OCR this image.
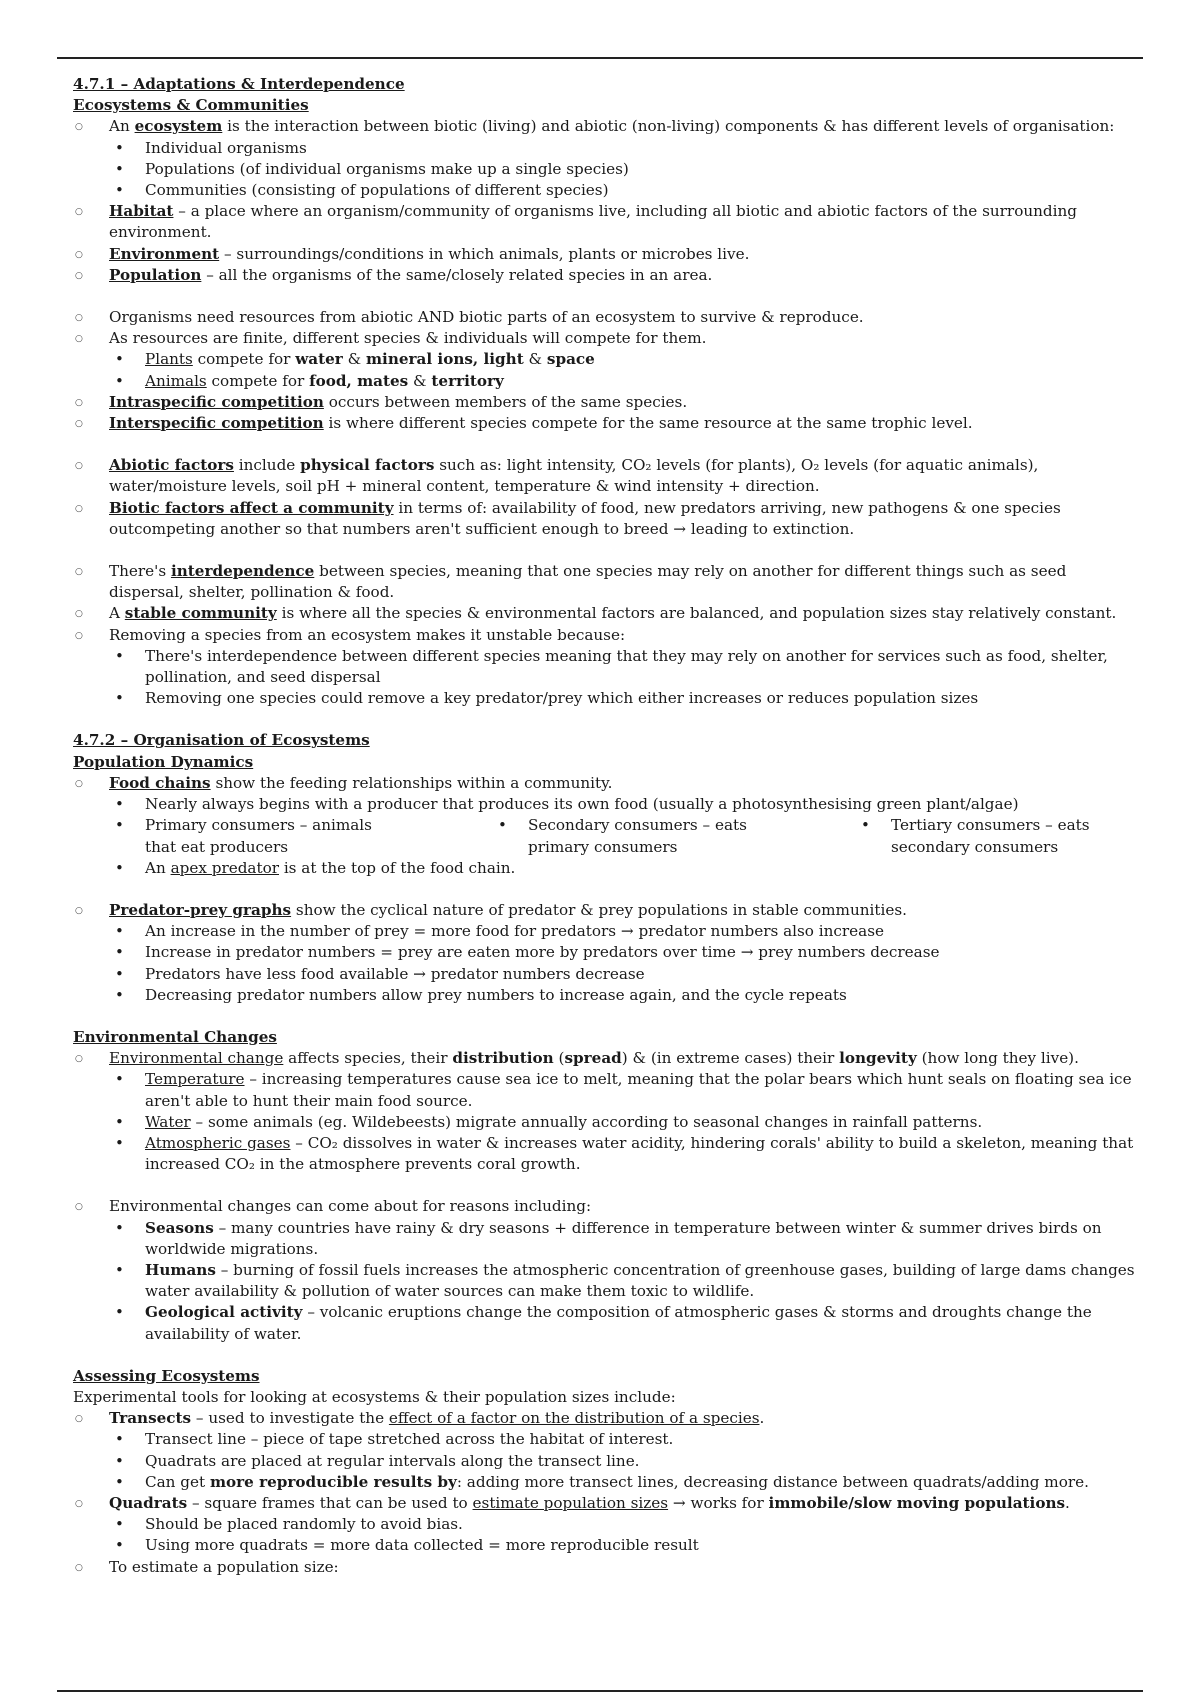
4.7.1 – Adaptations & Interdependence
Ecosystems & Communities
○ An ecosystem is the interaction between biotic (living) and abiotic (non-living) components & has different levels of organisation:
• Individual organisms
• Populations (of individual organisms make up a single species)
• Communities (consisting of populations of different species)
○ Habitat – a place where an organism/community of organisms live, including all biotic and abiotic factors of the surrounding environment.
○ Environment – surroundings/conditions in which animals, plants or microbes live.
○ Population – all the organisms of the same/closely related species in an area.
○ Organisms need resources from abiotic AND biotic parts of an ecosystem to survive & reproduce.
○ As resources are finite, different species & individuals will compete for them.
• Plants compete for water & mineral ions, light & space
• Animals compete for food, mates & territory
○ Intraspecific competition occurs between members of the same species.
○ Interspecific competition is where different species compete for the same resource at the same trophic level.
○ Abiotic factors include physical factors such as: light intensity, CO₂ levels (for plants), O₂ levels (for aquatic animals), water/moisture levels, soil pH + mineral content, temperature & wind intensity + direction.
○ Biotic factors affect a community in terms of: availability of food, new predators arriving, new pathogens & one species outcompeting another so that numbers aren't sufficient enough to breed → leading to extinction.
○ There's interdependence between species, meaning that one species may rely on another for different things such as seed dispersal, shelter, pollination & food.
○ A stable community is where all the species & environmental factors are balanced, and population sizes stay relatively constant.
○ Removing a species from an ecosystem makes it unstable because:
• There's interdependence between different species meaning that they may rely on another for services such as food, shelter, pollination, and seed dispersal
• Removing one species could remove a key predator/prey which either increases or reduces population sizes
4.7.2 – Organisation of Ecosystems
Population Dynamics
○ Food chains show the feeding relationships within a community.
• Nearly always begins with a producer that produces its own food (usually a photosynthesising green plant/algae)
• Primary consumers – animals that eat producers
• Secondary consumers – eats primary consumers
• Tertiary consumers – eats secondary consumers
• An apex predator is at the top of the food chain.
○ Predator-prey graphs show the cyclical nature of predator & prey populations in stable communities.
• An increase in the number of prey = more food for predators → predator numbers also increase
• Increase in predator numbers = prey are eaten more by predators over time → prey numbers decrease
• Predators have less food available → predator numbers decrease
• Decreasing predator numbers allow prey numbers to increase again, and the cycle repeats
Environmental Changes
○ Environmental change affects species, their distribution (spread) & (in extreme cases) their longevity (how long they live).
• Temperature – increasing temperatures cause sea ice to melt, meaning that the polar bears which hunt seals on floating sea ice aren't able to hunt their main food source.
• Water – some animals (eg. Wildebeests) migrate annually according to seasonal changes in rainfall patterns.
• Atmospheric gases – CO₂ dissolves in water & increases water acidity, hindering corals' ability to build a skeleton, meaning that increased CO₂ in the atmosphere prevents coral growth.
○ Environmental changes can come about for reasons including:
• Seasons – many countries have rainy & dry seasons + difference in temperature between winter & summer drives birds on worldwide migrations.
• Humans – burning of fossil fuels increases the atmospheric concentration of greenhouse gases, building of large dams changes water availability & pollution of water sources can make them toxic to wildlife.
• Geological activity – volcanic eruptions change the composition of atmospheric gases & storms and droughts change the availability of water.
Assessing Ecosystems
Experimental tools for looking at ecosystems & their population sizes include:
○ Transects – used to investigate the effect of a factor on the distribution of a species.
• Transect line – piece of tape stretched across the habitat of interest.
• Quadrats are placed at regular intervals along the transect line.
• Can get more reproducible results by: adding more transect lines, decreasing distance between quadrats/adding more.
○ Quadrats – square frames that can be used to estimate population sizes → works for immobile/slow moving populations.
• Should be placed randomly to avoid bias.
• Using more quadrats = more data collected = more reproducible result
○ To estimate a population size:
